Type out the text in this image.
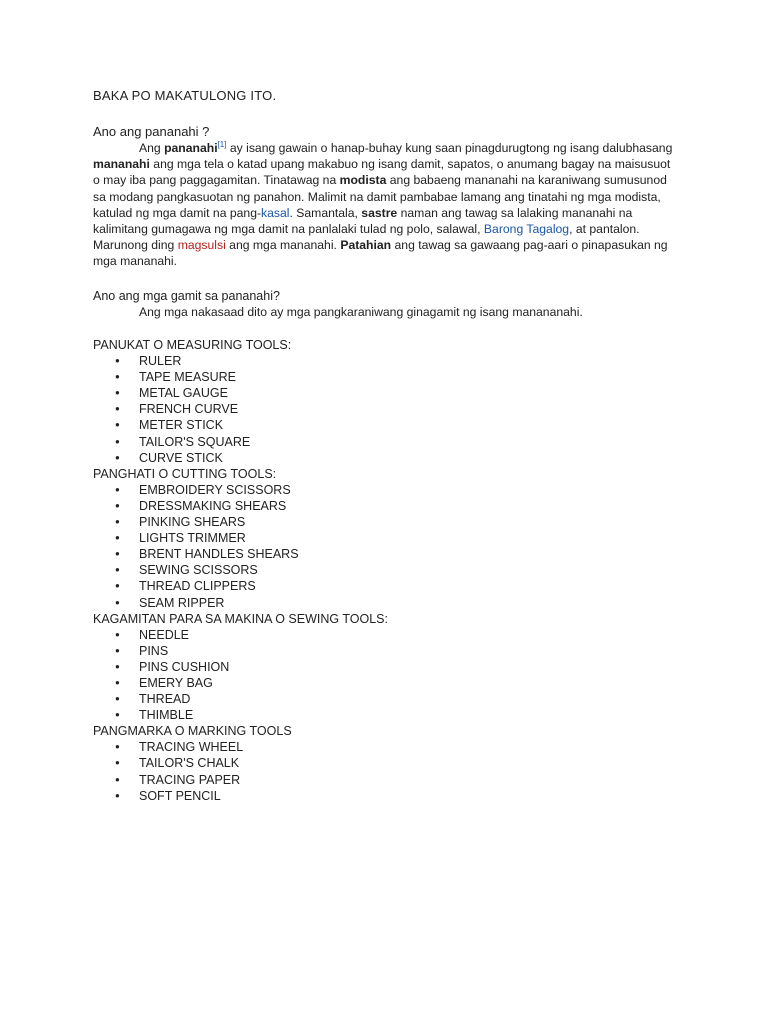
BAKA PO MAKATULONG ITO.
Ano ang pananahi ?
Ang pananahi[1] ay isang gawain o hanap-buhay kung saan pinagdurugtong ng isang dalubhasang mananahi ang mga tela o katad upang makabuo ng isang damit, sapatos, o anumang bagay na maisusuot o may iba pang paggagamitan. Tinatawag na modista ang babaeng mananahi na karaniwang sumusunod sa modang pangkasuotan ng panahon. Malimit na damit pambabae lamang ang tinatahi ng mga modista, katulad ng mga damit na pang-kasal. Samantala, sastre naman ang tawag sa lalaking mananahi na kalimitang gumagawa ng mga damit na panlalaki tulad ng polo, salawal, Barong Tagalog, at pantalon. Marunong ding magsulsi ang mga mananahi. Patahian ang tawag sa gawaang pag-aari o pinapasukan ng mga mananahi.
Ano ang mga gamit sa pananahi?
Ang mga nakasaad dito ay mga pangkaraniwang ginagamit ng isang manananahi.
PANUKAT O MEASURING TOOLS:
● RULER
● TAPE MEASURE
● METAL GAUGE
● FRENCH CURVE
● METER STICK
● TAILOR'S SQUARE
● CURVE STICK
PANGHATI O CUTTING TOOLS:
● EMBROIDERY SCISSORS
● DRESSMAKING SHEARS
● PINKING SHEARS
● LIGHTS TRIMMER
● BRENT HANDLES SHEARS
● SEWING SCISSORS
● THREAD CLIPPERS
● SEAM RIPPER
KAGAMITAN PARA SA MAKINA O SEWING TOOLS:
● NEEDLE
● PINS
● PINS CUSHION
● EMERY BAG
● THREAD
● THIMBLE
PANGMARKA O MARKING TOOLS
● TRACING WHEEL
● TAILOR'S CHALK
● TRACING PAPER
● SOFT PENCIL
